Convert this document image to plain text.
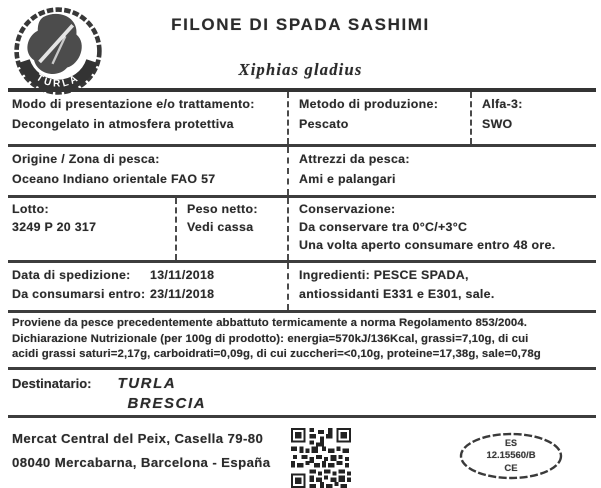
TURLA
FILONE DI SPADA SASHIMI
Xiphias gladius
Modo di presentazione e/o trattamento:
Decongelato in atmosfera protettiva
Metodo di produzione:
Pescato
Alfa-3:
SWO
Origine / Zona di pesca:
Oceano Indiano orientale FAO 57
Attrezzi da pesca:
Ami e palangari
Lotto:
3249 P 20 317
Peso netto:
Vedi cassa
Conservazione:
Da conservare tra 0°C/+3°C
Una volta aperto consumare entro 48 ore.
Data di spedizione:	13/11/2018
Da consumarsi entro: 23/11/2018
Ingredienti: PESCE SPADA,
antiossidanti E331 e E301, sale.
Proviene da pesce precedentemente abbattuto termicamente a norma Regolamento 853/2004.
Dichiarazione Nutrizionale (per 100g di prodotto): energia=570kJ/136Kcal, grassi=7,10g, di cui
acidi grassi saturi=2,17g, carboidrati=0,09g, di cui zuccheri=<0,10g, proteine=17,38g, sale=0,78g
Destinatario: TURLA
BRESCIA
Mercat Central del Peix, Casella 79-80
08040 Mercabarna, Barcelona - España
ES
12.15560/B
CE
